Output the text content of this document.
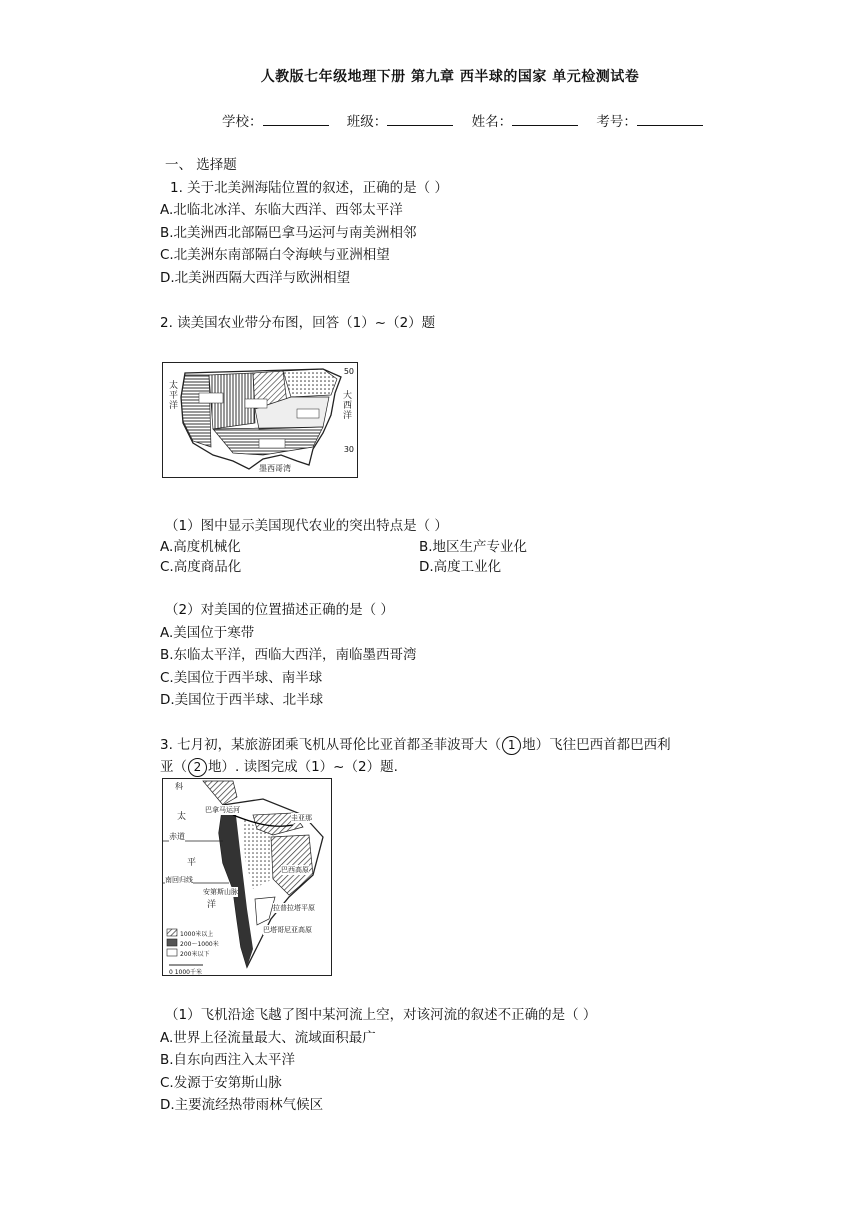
人教版七年级地理下册 第九章 西半球的国家 单元检测试卷
学校：	班级：	姓名：	考号：
一、 选择题
1. 关于北美洲海陆位置的叙述，正确的是（ ）
A.北临北冰洋、东临大西洋、西邻太平洋
B.北美洲西北部隔巴拿马运河与南美洲相邻
C.北美洲东南部隔白令海峡与亚洲相望
D.北美洲西隔大西洋与欧洲相望
2. 读美国农业带分布图，回答（1）~（2）题
太平洋
大西洋
50
30
墨西哥湾
（1）图中显示美国现代农业的突出特点是（ ）
A.高度机械化	B.地区生产专业化
C.高度商品化	D.高度工业化
（2）对美国的位置描述正确的是（ ）
A.美国位于寒带
B.东临太平洋，西临大西洋，南临墨西哥湾
C.美国位于西半球、南半球
D.美国位于西半球、北半球
3. 七月初，某旅游团乘飞机从哥伦比亚首都圣菲波哥大（ 1 地）飞往巴西首都巴西利
亚（ 2 地）. 读图完成（1）~（2）题.
科
太
巴拿马运河
赤道
平
洋
南回归线
安第斯山脉
圭亚那
巴西高原
拉普拉塔平原
巴塔哥尼亚高原
1000米以上
200～1000米
200米以下
0 1000千米
（1）飞机沿途飞越了图中某河流上空，对该河流的叙述不正确的是（ ）
A.世界上径流量最大、流域面积最广
B.自东向西注入太平洋
C.发源于安第斯山脉
D.主要流经热带雨林气候区
